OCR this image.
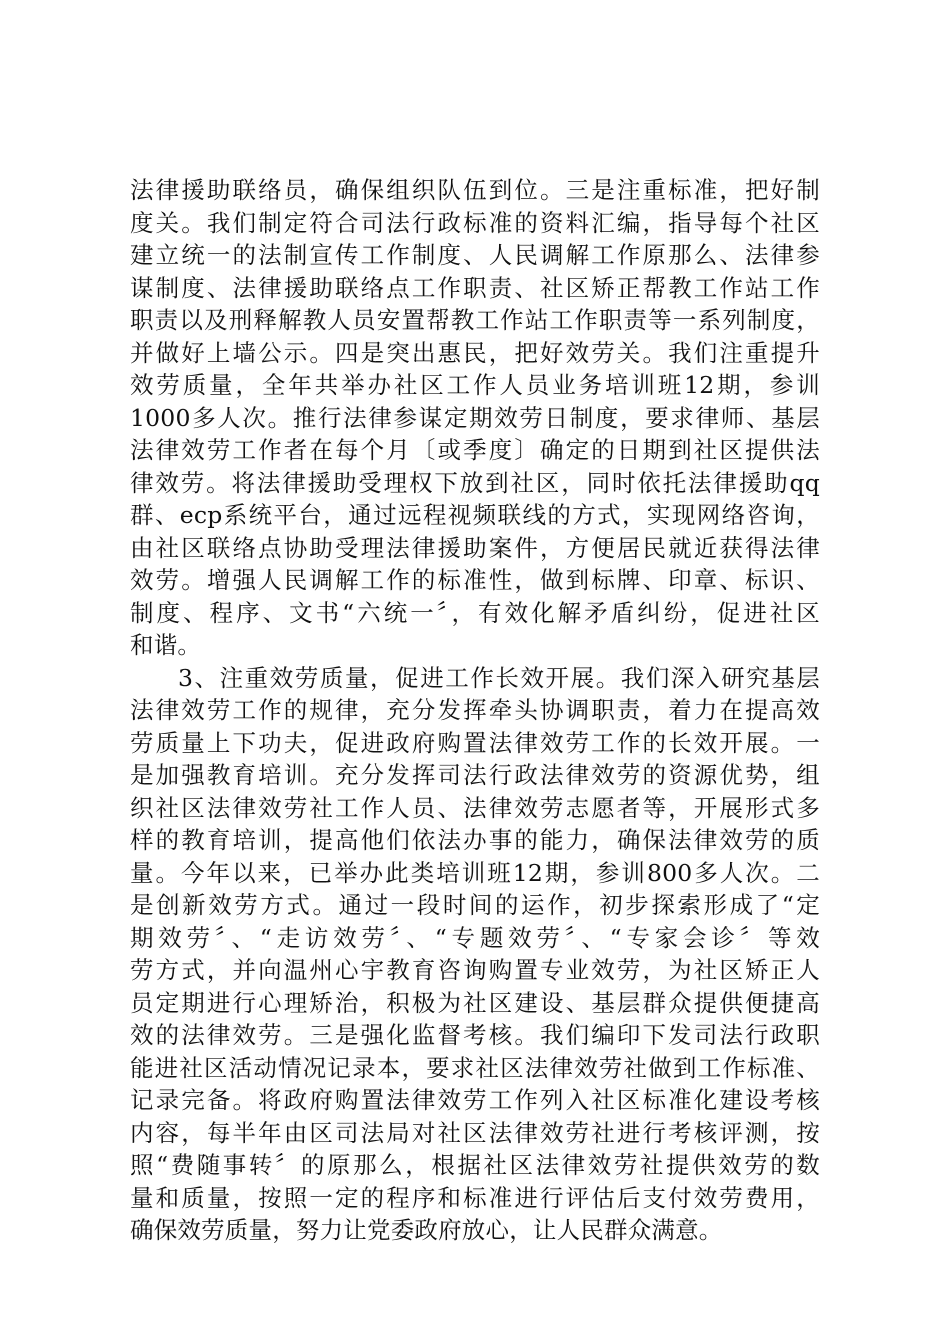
法律援助联络员，确保组织队伍到位。三是注重标准，把好制
度关。我们制定符合司法行政标准的资料汇编，指导每个社区
建立统一的法制宣传工作制度、人民调解工作原那么、法律参
谋制度、法律援助联络点工作职责、社区矫正帮教工作站工作
职责以及刑释解教人员安置帮教工作站工作职责等一系列制度，
并做好上墙公示。四是突出惠民，把好效劳关。我们注重提升
效劳质量，全年共举办社区工作人员业务培训班12期，参训
1000多人次。推行法律参谋定期效劳日制度，要求律师、基层
法律效劳工作者在每个月〔或季度〕确定的日期到社区提供法
律效劳。将法律援助受理权下放到社区，同时依托法律援助qq
群、ecp系统平台，通过远程视频联线的方式，实现网络咨询，
由社区联络点协助受理法律援助案件，方便居民就近获得法律
效劳。增强人民调解工作的标准性，做到标牌、印章、标识、
制度、程序、文书“六统一〞，有效化解矛盾纠纷，促进社区
和谐。
3、注重效劳质量，促进工作长效开展。我们深入研究基层
法律效劳工作的规律，充分发挥牵头协调职责，着力在提高效
劳质量上下功夫，促进政府购置法律效劳工作的长效开展。一
是加强教育培训。充分发挥司法行政法律效劳的资源优势，组
织社区法律效劳社工作人员、法律效劳志愿者等，开展形式多
样的教育培训，提高他们依法办事的能力，确保法律效劳的质
量。今年以来，已举办此类培训班12期，参训800多人次。二
是创新效劳方式。通过一段时间的运作，初步探索形成了“定
期效劳〞、“走访效劳〞、“专题效劳〞、“专家会诊〞等效
劳方式，并向温州心宇教育咨询购置专业效劳，为社区矫正人
员定期进行心理矫治，积极为社区建设、基层群众提供便捷高
效的法律效劳。三是强化监督考核。我们编印下发司法行政职
能进社区活动情况记录本，要求社区法律效劳社做到工作标准、
记录完备。将政府购置法律效劳工作列入社区标准化建设考核
内容，每半年由区司法局对社区法律效劳社进行考核评测，按
照“费随事转〞的原那么，根据社区法律效劳社提供效劳的数
量和质量，按照一定的程序和标准进行评估后支付效劳费用，
确保效劳质量，努力让党委政府放心，让人民群众满意。
